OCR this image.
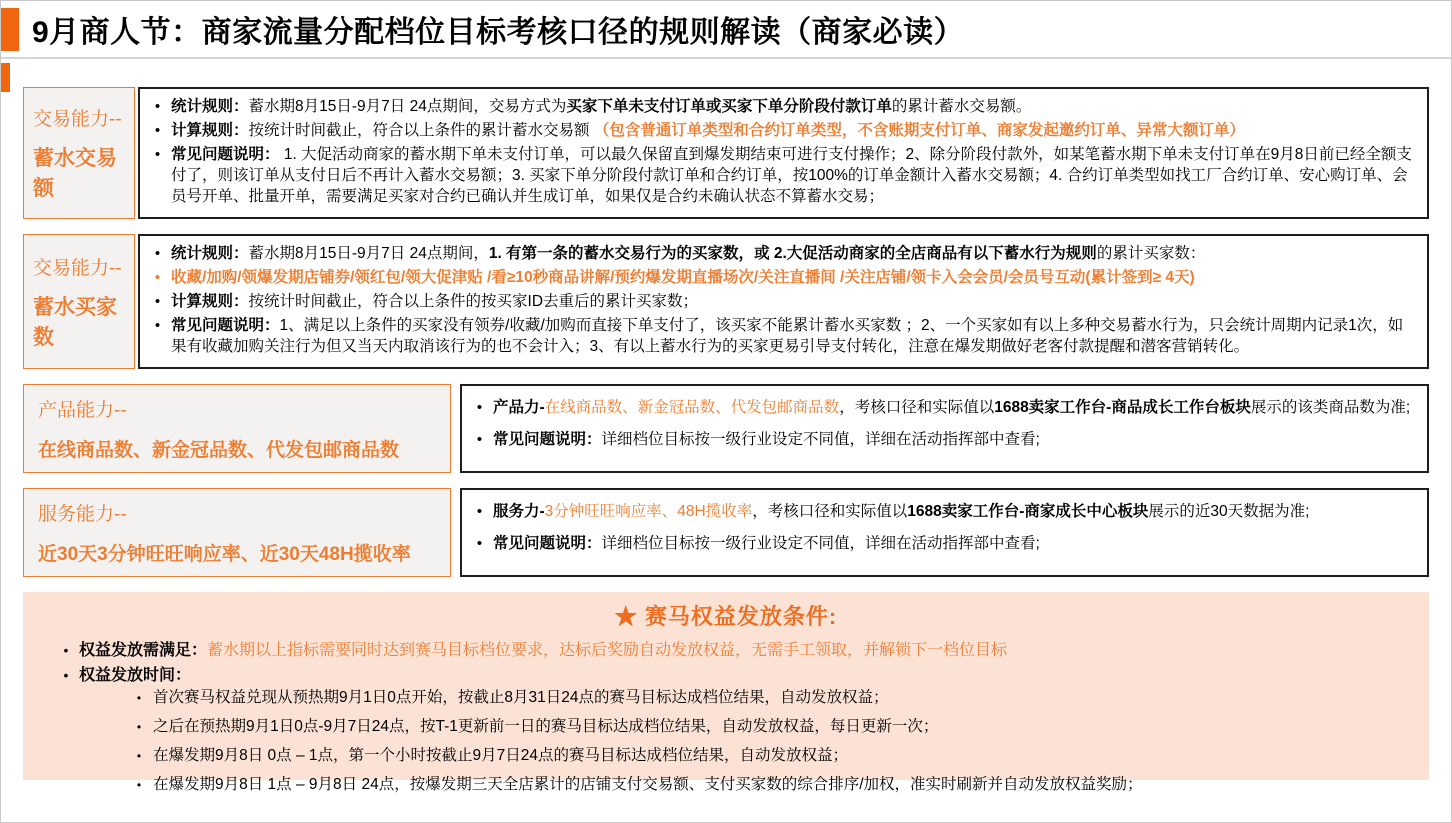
9月商人节：商家流量分配档位目标考核口径的规则解读（商家必读）
交易能力--
蓄水交易额
• 统计规则：蓄水期8月15日-9月7日 24点期间，交易方式为买家下单未支付订单或买家下单分阶段付款订单的累计蓄水交易额。
• 计算规则：按统计时间截止，符合以上条件的累计蓄水交易额 （包含普通订单类型和合约订单类型，不含账期支付订单、商家发起邀约订单、异常大额订单）
• 常见问题说明： 1. 大促活动商家的蓄水期下单未支付订单，可以最久保留直到爆发期结束可进行支付操作；2、除分阶段付款外，如某笔蓄水期下单未支付订单在9月8日前已经全额支付了，则该订单从支付日后不再计入蓄水交易额；3. 买家下单分阶段付款订单和合约订单，按100%的订单金额计入蓄水交易额；4. 合约订单类型如找工厂合约订单、安心购订单、会员号开单、批量开单，需要满足买家对合约已确认并生成订单，如果仅是合约未确认状态不算蓄水交易；
交易能力--
蓄水买家数
• 统计规则：蓄水期8月15日-9月7日 24点期间，1. 有第一条的蓄水交易行为的买家数，或 2.大促活动商家的全店商品有以下蓄水行为规则的累计买家数：
• 收藏/加购/领爆发期店铺券/领红包/领大促津贴 /看≥10秒商品讲解/预约爆发期直播场次/关注直播间 /关注店铺/领卡入会会员/会员号互动(累计签到≥ 4天)
• 计算规则：按统计时间截止，符合以上条件的按买家ID去重后的累计买家数；
• 常见问题说明：1、满足以上条件的买家没有领券/收藏/加购而直接下单支付了，该买家不能累计蓄水买家数 ；2、一个买家如有以上多种交易蓄水行为，只会统计周期内记录1次，如果有收藏加购关注行为但又当天内取消该行为的也不会计入；3、有以上蓄水行为的买家更易引导支付转化，注意在爆发期做好老客付款提醒和潜客营销转化。
产品能力--
在线商品数、新金冠品数、代发包邮商品数
• 产品力-在线商品数、新金冠品数、代发包邮商品数，考核口径和实际值以1688卖家工作台-商品成长工作台板块展示的该类商品数为准;
• 常见问题说明：详细档位目标按一级行业设定不同值，详细在活动指挥部中查看;
服务能力--
近30天3分钟旺旺响应率、近30天48H揽收率
• 服务力-3分钟旺旺响应率、48H揽收率，考核口径和实际值以1688卖家工作台-商家成长中心板块展示的近30天数据为准;
• 常见问题说明：详细档位目标按一级行业设定不同值，详细在活动指挥部中查看;
★ 赛马权益发放条件:
• 权益发放需满足：蓄水期以上指标需要同时达到赛马目标档位要求，达标后奖励自动发放权益，无需手工领取，并解锁下一档位目标
• 权益发放时间：
• 首次赛马权益兑现从预热期9月1日0点开始，按截止8月31日24点的赛马目标达成档位结果，自动发放权益；
• 之后在预热期9月1日0点-9月7日24点，按T-1更新前一日的赛马目标达成档位结果，自动发放权益，每日更新一次；
• 在爆发期9月8日 0点 – 1点，第一个小时按截止9月7日24点的赛马目标达成档位结果，自动发放权益；
• 在爆发期9月8日 1点 – 9月8日 24点，按爆发期三天全店累计的店铺支付交易额、支付买家数的综合排序/加权，准实时刷新并自动发放权益奖励；
